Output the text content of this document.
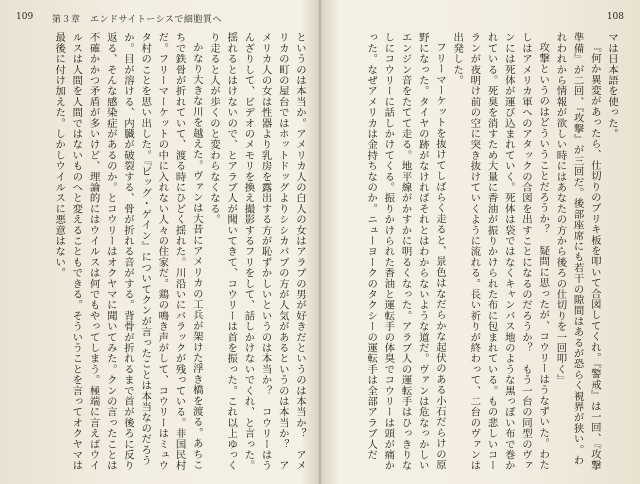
109 第３章　エンドサイトーシスで細胞質へ

というのは本当か。アメリカ人の白人の女はアラブの男が好きだというのは本当か？　アメリカの町の屋台ではホットドッグよりシシカバブの方が人気があるというのは本当か？　アメリカ人の女は性器より乳房を露出する方が恥ずかしいというのは本当か？　コウリーはうんざりして、ビデオのメモリを換え撮影するフリをして、話しかけないでくれ、と言った。揺れるとはけないので、とアラブ人が聞いてきて、コウリーは首を振った。これ以上ゆっくり走ると人が歩くのと変わらなくなる。

かなり大きな川を越えた。ヴァンは大昔にアメリカの工兵が架けた浮き橋を渡る。あちこちで鉄骨が折れていて、渡る時にひどく揺れた。川沿いにバラックが残っている。非国民村だ。フリーマーケットの中に入れない人々の住家だ。鶏の鳴き声がして、コウリーはミュウタ村のことを思い出した。『ビッグ・ゲイン』についてクンが言ったことは本当なのだろうか。目が溶ける、内臓が破裂する、骨が折れる音がする。背骨が折れるまで首が後ろに反り返る、そんな感染症があるのか。とコウリーはオクヤマに聞いてみた。クンの言ったことは不確かかつ矛盾が多いけど、理論的にはウイルスは何でもやってしまう。極端に言えばウイルスは人間を人間ではないものへと変えることもできる。そういうことを言ってオクヤマは最後に付け加えた。しかしウイルスに悪意はない。

108

マは日本語を使った。

『何か異変があったら、仕切りのブリキ板を叩いて合図してくれ。『警戒』は一回、『攻撃準備』が二回、『攻撃』が三回だ。後部座席にも若干の隙間はあるが恐らく視界が狭い。われわれから情報が欲しい時にはあなたの方から後ろの仕切りを一回叩く』

攻撃というのはどういうことだろうか？　疑問に思ったが、コウリーはうなずいた。わたしはアメリカ軍へのアタックの合図を出すことになるのだろうか？　もう一台の同型のヴァンには死体が運び込まれていく。死体は袋ではなくキャンバス地のような黒っぽい布で巻かれている。死臭を消すため大量に香油が振りかけられた布に包まれている。もの悲しいコーランが夜明け前の空に突き抜けていくように流れる。長い祈りが終わって、二台のヴァンは出発した。

フリーマーケットを抜けてしばらく走ると、景色はなだらかな起伏のある小石だらけの原野になった。タイヤの跡がなければそれとはわからないような道だ。ヴァンは危なっかしいエンジン音をたてて走る。地平線がかすかに明るくなった。アラブ人の運転手はひっきりなしにコウリーに話しかけてくる。振りかけられた香油と運転手の体臭でコウリーは頭が痛かった。なぜアメリカは金持ちなのか。ニューヨークのタクシーの運転手は全部アラブ人だ
